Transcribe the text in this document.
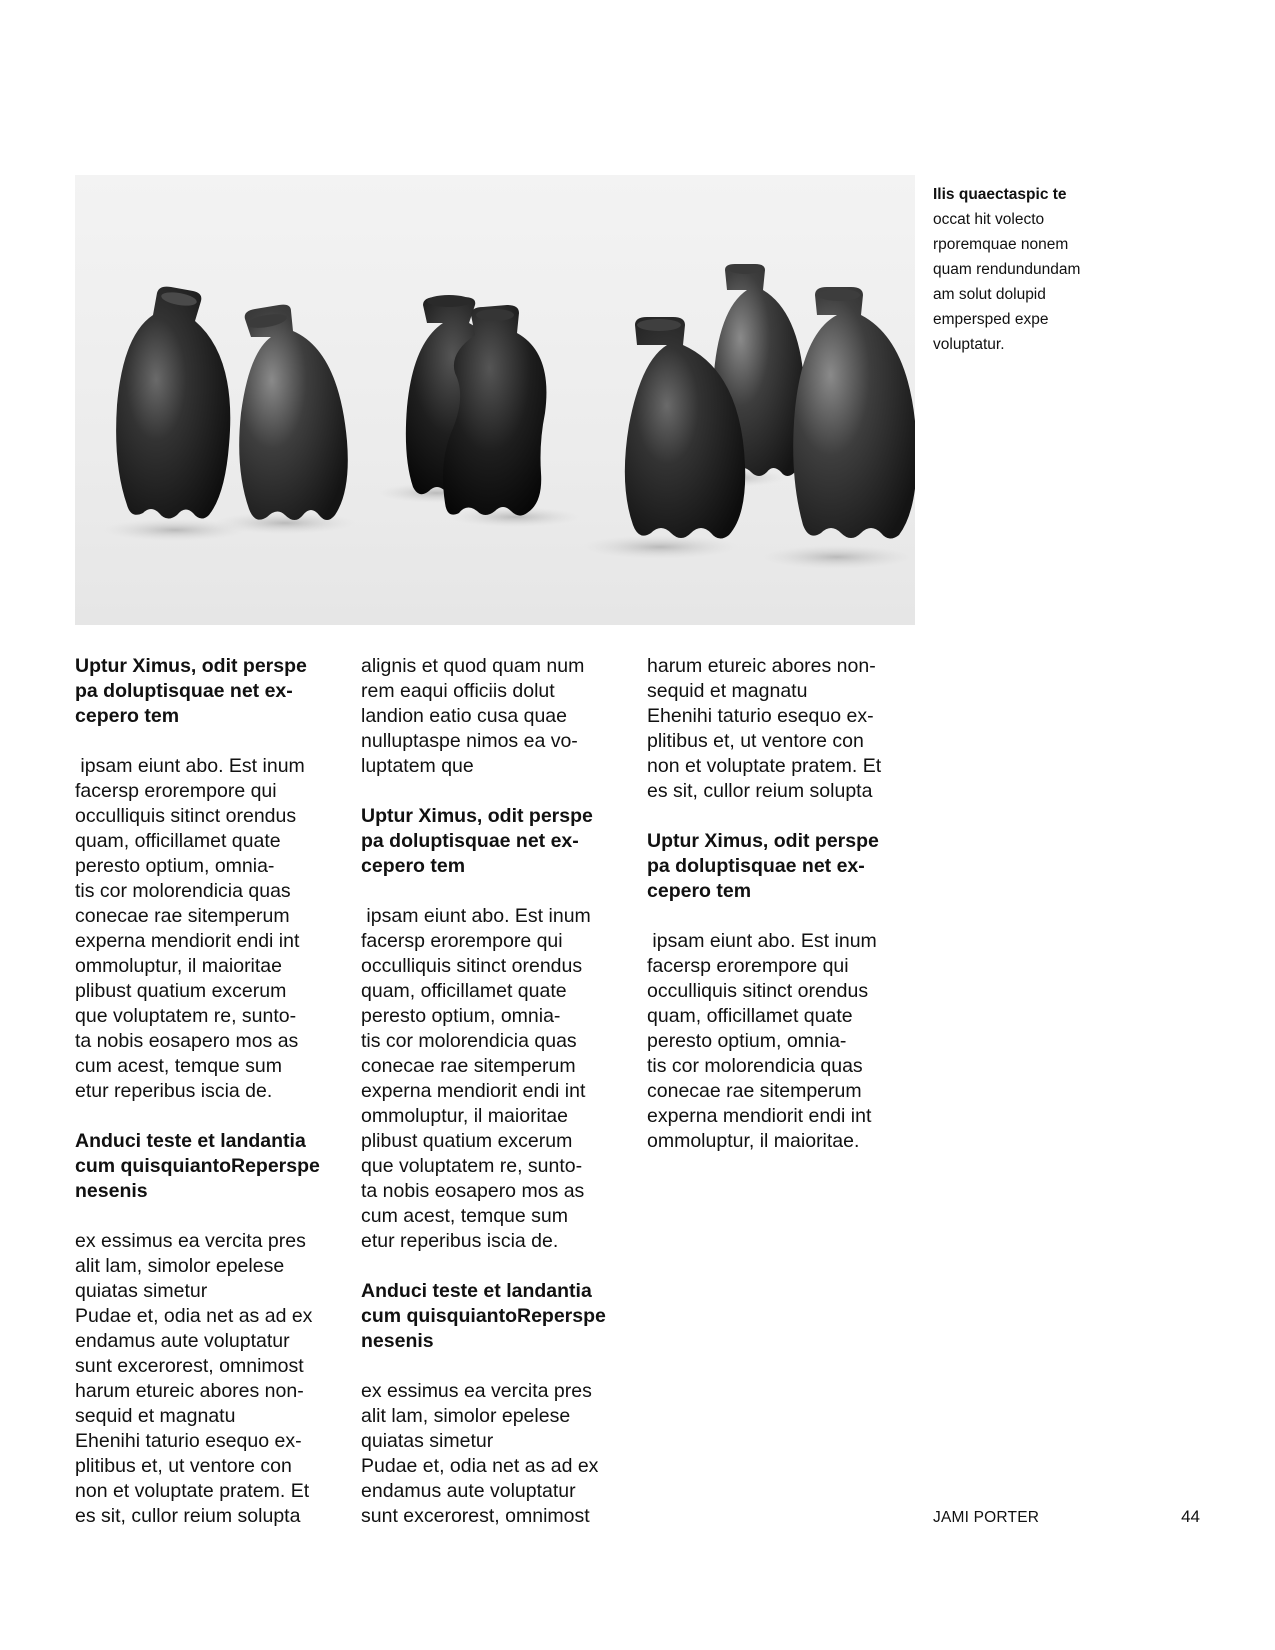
Ilis quaectaspic te

occat hit volecto

rporemquae nonem

quam rendundundam

am solut dolupid

empersped expe

voluptatur.

Uptur Ximus, odit perspe

pa doluptisquae net ex-

cepero tem

ipsam eiunt abo. Est inum

facersp erorempore qui

occulliquis sitinct orendus

quam, officillamet quate

peresto optium, omnia-

tis cor molorendicia quas

conecae rae sitemperum

experna mendiorit endi int

ommoluptur, il maioritae

plibust quatium excerum

que voluptatem re, sunto-

ta nobis eosapero mos as

cum acest, temque sum

etur reperibus iscia de.

Anduci teste et landantia

cum quisquiantoReperspe

nesenis

ex essimus ea vercita pres

alit lam, simolor epelese

quiatas simetur

Pudae et, odia net as ad ex

endamus aute voluptatur

sunt excerorest, omnimost

harum etureic abores non-

sequid et magnatu

Ehenihi taturio esequo ex-

plitibus et, ut ventore con

non et voluptate pratem. Et

es sit, cullor reium solupta

alignis et quod quam num

rem eaqui officiis dolut

landion eatio cusa quae

nulluptaspe nimos ea vo-

luptatem que

Uptur Ximus, odit perspe

pa doluptisquae net ex-

cepero tem

ipsam eiunt abo. Est inum

facersp erorempore qui

occulliquis sitinct orendus

quam, officillamet quate

peresto optium, omnia-

tis cor molorendicia quas

conecae rae sitemperum

experna mendiorit endi int

ommoluptur, il maioritae

plibust quatium excerum

que voluptatem re, sunto-

ta nobis eosapero mos as

cum acest, temque sum

etur reperibus iscia de.

Anduci teste et landantia

cum quisquiantoReperspe

nesenis

ex essimus ea vercita pres

alit lam, simolor epelese

quiatas simetur

Pudae et, odia net as ad ex

endamus aute voluptatur

sunt excerorest, omnimost

harum etureic abores non-

sequid et magnatu

Ehenihi taturio esequo ex-

plitibus et, ut ventore con

non et voluptate pratem. Et

es sit, cullor reium solupta

Uptur Ximus, odit perspe

pa doluptisquae net ex-

cepero tem

ipsam eiunt abo. Est inum

facersp erorempore qui

occulliquis sitinct orendus

quam, officillamet quate

peresto optium, omnia-

tis cor molorendicia quas

conecae rae sitemperum

experna mendiorit endi int

ommoluptur, il maioritae.

JAMI PORTER	44
